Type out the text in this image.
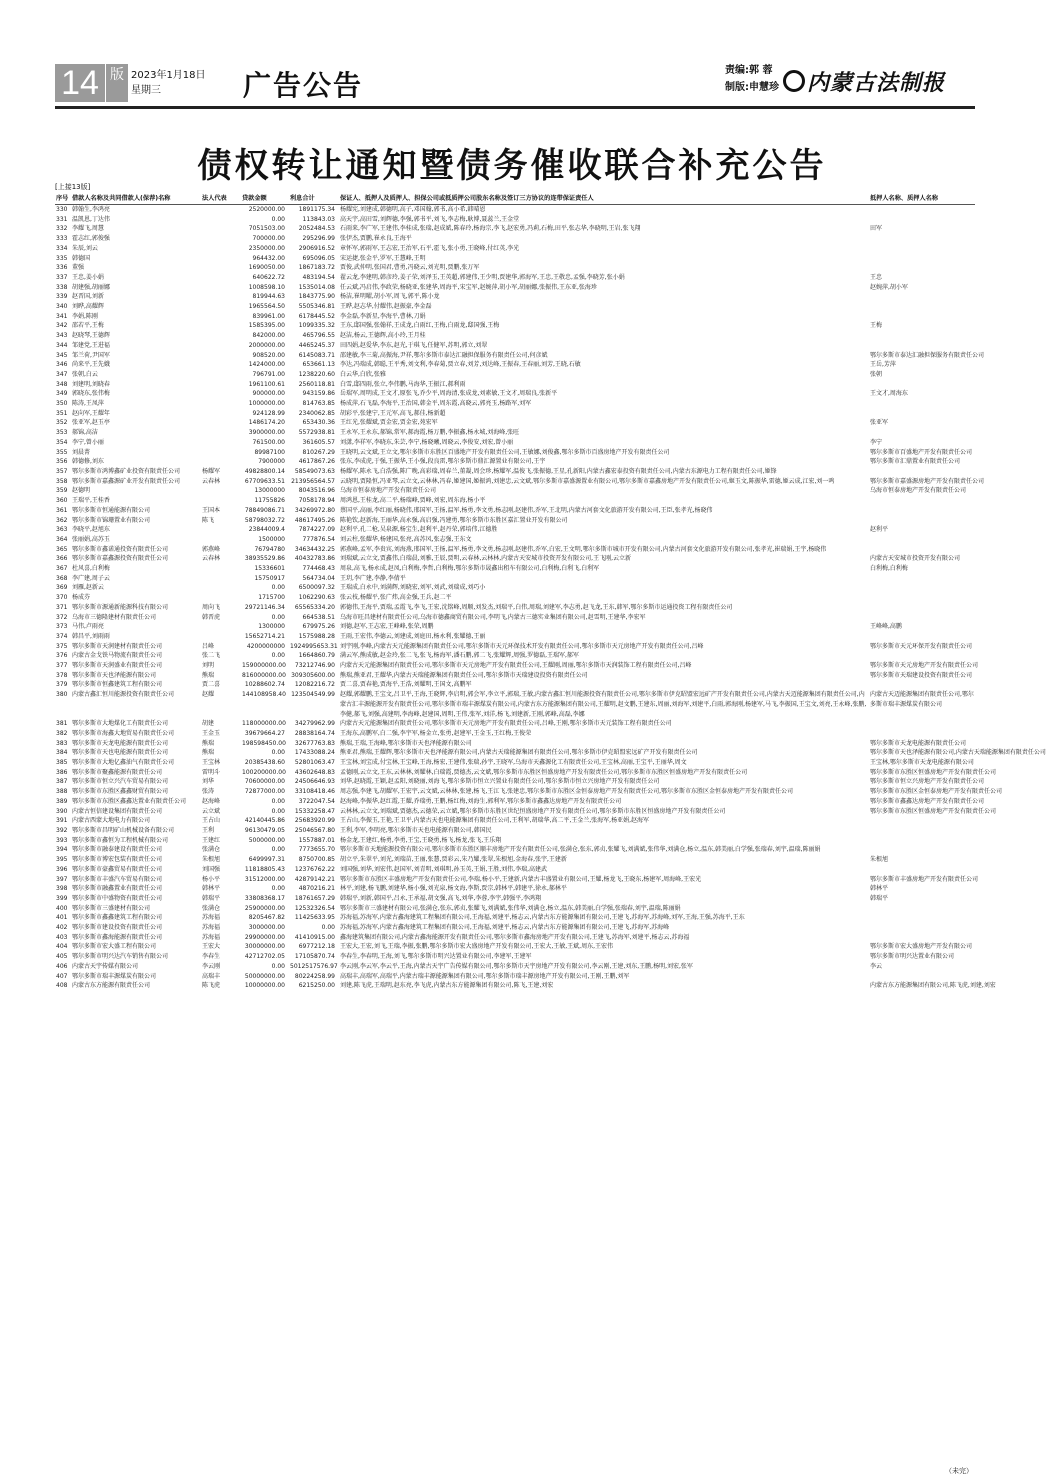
14 版 2023年1月18日
星期三	广告公告	责编:郭 蓉
制版:申慧珍 内蒙古法制报
债权转让通知暨债务催收联合补充公告
[上接13版]
序号	借款人名称及共同借款人(保荐)名称	法人代表	贷款金额	利息合计	保证人、抵押人及质押人、担保公司或抵质押公司股东名称及签订三方协议的连带保证责任人	抵押人名称、质押人名称
330	韩翰生,李鸿亮		2520000.00	1891175.34	杨耀宪,刘建成,韩德明,高子,邓国翰,郭书,高小希,韩晴恩	
331	温凯恩,丁达伟		0.00	113843.03	高天宇,高田雪,刘辉德,李强,郭书平,刘飞,李志梅,耿博,聂蕊兰,王金堂	
332	李耀飞,周慧		7051503.00	2052484.53	石雨来,李广军,王建伟,李桂成,张瑞,赵成斌,陈春玲,杨海宗,李飞,赵宏勇,冯莉,石梅,田平,张志华,李晓明,王岩,张飞翔	田军
333	霍志红,郭俊强		700000.00	295296.99	张伊杰,贾鹏,崔永良,王海平	
334	朱辰,刘云		2350000.00	2906916.52	章怀军,郭雨军,王志宏,王治军,石平,霍飞,张小勇,王晓峰,付红英,李光	
335	韩德国		964432.00	695096.05	宋运捷,张金平,罗军,王慧峰,王明	
336	董强		1690050.00	1867183.72	贾俊,武仲明,张国君,曹勇,冯晓云,刘光明,贾鹏,张万军	
337	王忠,姜小娟		640622.72	483194.54	翟云龙,李建明,韩彦玲,姜子荣,刘泽玉,王英超,郭建伟,王少明,贾建华,郭海军,王忠,王敬忠,孟强,李晓芳,张小娟	王忠
338	胡建强,胡丽娜		1008598.10	1535014.08	任云斌,冯启伟,李政荣,杨晓亚,张建华,周海平,宋宝军,赵婉萍,胡小军,胡丽娜,张振伟,王东亚,张海珍	赵婉萍,胡小军
339	赵晋国,刘新		819944.63	1843775.90	杨洁,崔明曜,胡小军,周飞,郭平,陈小龙	
340	刘晔,高耀辉		1965564.50	5505346.81	王晔,赵志华,付耀伟,赵振豪,李金磊	
341	李娟,陈刚		839961.00	6178445.52	李金磊,李新星,李海平,曹林,刀娟	
342	邵若平,王梅		1585395.00	1099335.32	王东,邸国强,张翰祥,王成龙,白雨红,王梅,白雨龙,邸国强,王梅	王梅
343	赵晓琴,王德辉		842000.00	465796.55	赵洁,杨云,王德辉,高小玲,王月桂	
344	邹建党,王进福		2000000.00	4465245.37	田四娟,赵爱华,李东,赵光,于琪飞,任健军,苏明,郭立,刘翠	
345	邹兰荷,尹国军		908520.00	6145083.71	邵建敏,李三菊,高振海,尹祥,鄂尔多斯市泰达汇融担保服务有限责任公司,何彦斌	鄂尔多斯市泰达汇融担保服务有限责任公司
346	尚来平,王先娥		1424000.00	653661.13	李达,冯瑞成,韩聪,王平秀,刘文利,李春菊,贾立春,刘芳,刘达峰,王振春,王春丽,刘芳,王晓,石敏	王岳,芳萍
347	张朝,白云		796791.00	1238220.60	白云华,白欣,张雅	张朝
348	刘建明,刘晓春		1961100.61	2560118.81	白雪,邸四雨,张立,李伟鹏,马海华,王振江,郝利雨	
349	郭晓东,张伟梅		900000.00	943159.86	岳瑞军,周明成,王文才,原张飞,乔少平,周海清,张成龙,刘素敏,王文才,周瑞良,张新平	王文才,周海东
350	陈涛,王凤萍		1000000.00	814763.85	杨成萍,石飞磊,李海平,王治国,韩金平,周东霞,高晓云,郭亮玉,杨路军,刘军	
351	赵向军,王耀年		924128.99	2340062.85	胡彩平,张建宁,王元军,高飞,郝佳,杨新超	
352	张亚军,赵玉亭		1486174.20	653430.36	王红光,张耀斌,贾金宏,贾金宏,苑宏军	张亚军
353	郝锦,高洁		3900000.00	5572938.81	王永军,王永东,郝锦,常军,郝海霞,杨万鹏,李振鑫,杨永城,刘海峰,张旺	
354	李宁,曾小丽		761500.00	361605.57	刘潇,李祥军,李晓东,朱芸,李宁,杨晓曦,周晓云,李俊安,刘宏,曾小丽	李宁
355	刘晨菁		89987100	810267.29	王晓明,云文斌,王立文,鄂尔多斯市东胜区百盛地产开发有限责任公司,王敏娜,刘俊鑫,鄂尔多斯市百盛房地产开发有限责任公司	鄂尔多斯市百盛地产开发有限责任公司
356	韩德修,刘东		7900000	4617867.26	张东,李成虎,于强,王振华,王小强,段良雷,鄂尔多斯市鼎汇源置业有限公司,王宇	鄂尔多斯市汇鼎置业有限责任公司
357	鄂尔多斯市鸿博鑫矿业投资有限责任公司	杨耀军	49828800.14	58549073.63	杨耀军,陈永飞,白浩强,陈广晚,高彩瑞,周春兰,董凝,周会珍,杨耀军,温俊飞,张振德,王星,孔新阳,内蒙古鑫宏泰投资有限责任公司,内蒙古东源电力工程有限责任公司,姬锋	
358	鄂尔多斯市嘉鑫源矿业开发有限责任公司	云春林	67709633.51	213956564.57	云晓明,贾隆恒,冯亚琴,云立文,云林林,冯春,姬建国,姬振鸿,刘建忠,云文斌,鄂尔多斯市嘉盛源置业有限公司,鄂尔多斯市嘉鑫房地产开发有限责任公司,姬玉文,陈振华,雷德,姬云成,江宏,刘一鸣	鄂尔多斯市嘉盛源房地产开发有限责任公司
359	赵德明		13000000	8043516.96	乌海市恒泰房地产开发有限责任公司	乌海市恒泰房地产开发有限责任公司
360	王瑞平,王桂香		11755826	7058178.94	周鸿恩,王桂龙,高二平,杨瑞峰,贾峰,刘宏,周东海,杨小平	
361	鄂尔多斯市恒通能源有限公司	王国本	78849086.71	34269972.80	蔡国平,高丽,李红丽,杨晓伟,邢国军,王扬,温军,杨勇,李文勇,杨志刚,赵建伟,乔军,王北明,内蒙古河套文化旅游开发有限公司,王臣,张孝光,杨晓伟	
362	鄂尔多斯市锦珊置业有限公司	陈飞	58798032.72	48617495.26	陈艳钦,赵新海,王丽华,高永强,高启强,冯建勇,鄂尔多斯市东胜区嘉汇置业开发有限公司	
363	李晓平,赵旭东		23844009.4	7874227.09	赵利平,孔二枪,吴泉源,杨宝生,赵利平,赵丹荣,郭培伟,江德胜	赵利平
364	张丽娟,高苏玉		1500000	777876.54	刘云柱,张耀华,杨建国,张亮,高苏风,张志强,王东文	
365	鄂尔多斯市鑫诺通投资有限责任公司	郭燕峰	76794780	34634432.25	郭燕峰,孟军,李贵宾,刘海燕,邢国军,王扬,温军,杨勇,李文勇,杨志刚,赵建伟,乔军,白宏,王文明,鄂尔多斯市城市开发有限公司,内蒙古河套文化旅游开发有限公司,张孝光,崔瑞娟,王宇,杨晓伟	
366	鄂尔多斯市嘉鑫源投资有限责任公司	云春林	38935529.86	40432783.86	刘瑞斌,云立文,贾鑫伟,白瑞晨,刘雅,王辰,贾明,云春林,云林林,内蒙古天安城市投资开发有限公司,王飞刚,云立新	内蒙古天安城市投资开发有限公司
367	杜风喜,白利梅		15336601	774468.43	周泉,高飞,杨永成,赵凤,白利梅,李哲,白利梅,鄂尔多斯市晟鑫出租车有限公司,白利梅,白利飞,白利军	白利梅,白利梅
368	李广建,周子云		15750917	564734.04	王玥,李广建,李静,李倩平	
369	刘雁,赵新云		0.00	6500097.32	王瑞成,白永中,刘满辉,刘晓宏,刘军,刘武,刘瑞成,刘巧小	
370	杨成芬		1715700	1062290.63	张云枝,杨耀平,张广炜,高金强,王兵,赵二平	
371	鄂尔多斯市源通新能源科技有限公司	周向飞	29721146.34	65565334.20	郭德伟,王海平,贾瑞,孟霞飞,李飞,王宏,沈铭峰,周顺,刘发杰,刘瑞平,白伟,周瑞,刘建军,李志勇,赵飞龙,王东,韩军,鄂尔多斯市运通投资工程有限责任公司	
372	乌海市三德隆建材有限责任公司	韩晋虎	0.00	664538.51	乌海市旺昌建材有限责任公司,乌海市德鑫商贸有限公司,李明飞,内蒙古三德实业集团有限公司,赵雪明,王建华,李宏军	
373	马伟,卢雨亮		1300000	679975.26	刘德,赵军,王志宏,王峰峰,张荣,周鹏	王峰峰,高鹏
374	韩昌平,刘雨雨		15652714.21	1575988.28	王雨,王宏伟,李德云,刘建成,刘庭田,杨永利,张耀德,王丽	
375	鄂尔多斯市天润建材有限责任公司	吕峰	4200000000	1924995653.31	刘宇刚,李峰,内蒙古天元能源集团有限责任公司,鄂尔多斯市天元环保技术开发有限责任公司,鄂尔多斯市天元房地产开发有限责任公司,吕峰	鄂尔多斯市天元环保开发有限责任公司
376	内蒙古金戈铁马物流有限责任公司	张二飞	0.00	1664860.79	满云军,熊成敏,赵金玲,张二飞,张飞,杨海军,潘石鹏,郭二飞,张耀辉,周强,罗德磊,王瑞军,郝军	
377	鄂尔多斯市天润盛业有限责任公司	刘明	159000000.00	73212746.90	内蒙古天元能源集团有限责任公司,鄂尔多斯市天元房地产开发有限责任公司,王耀刚,周丽,鄂尔多斯市天润装饰工程有限责任公司,吕峰	鄂尔多斯市天元房地产开发有限责任公司
378	鄂尔多斯市天也泽能源有限公司	熊瑞	816000000.00	309305600.00	熊瑞,熊亚君,王耀华,内蒙古天瑞能源集团有限责任公司,鄂尔多斯市天瑞建设投资有限责任公司	鄂尔多斯市天瑞建设投资有限责任公司
379	鄂尔多斯市恒鑫建筑工程有限公司	贾二喜	10288602.74	12082216.72	贾二喜,贾春艳,贾海平,王浩,刘耀明,王国文,高鹏军	
380	内蒙古鑫汇恒川能源投资有限责任公司	赵耀	144108958.40	123504549.99	赵耀,郭耀鹏,王宝文,吕卫平,王海,王晓辉,李启明,郭会军,李立平,郭瑞,王敏,内蒙古鑫汇恒川能源投资有限责任公司,鄂尔多斯市伊克昭盟宏远矿产开发有限责任公司,内蒙古天迈能源集团有限责任公司,内蒙古汇丰源能源开发有限责任公司,鄂尔多斯市瑞丰源煤炭有限公司,内蒙古东方能源集团有限公司,王耀明,赵文鹏,王建东,周丽,刘海军,刘建平,白雨,郭海刚,杨建军,马飞,李振国,王宝文,刘亮,王永峰,张鹏,李健,郝飞,刘强,高建明,李海峰,赵建国,周明,王伟,张军,刘洋,杨飞,刘建新,王刚,郭峰,高磊,李娜	内蒙古天迈能源集团有限责任公司,鄂尔多斯市瑞丰源煤炭有限公司
381	鄂尔多斯市大地煤化工有限责任公司	胡建	118000000.00	34279962.99	内蒙古天元能源集团有限责任公司,鄂尔多斯市天元房地产开发有限责任公司,吕峰,王刚,鄂尔多斯市天元装饰工程有限责任公司	
382	鄂尔多斯市海鑫大地贸易有限责任公司	王金玉	39679664.27	28838164.74	王海东,高鹏军,白二强,李宇军,杨金立,张勇,赵建军,王金玉,王红梅,王俊荣	
383	鄂尔多斯市天龙电能源有限责任公司	熊瑞	198598450.00	32677763.83	熊瑞,王瑞,王海峰,鄂尔多斯市天也泽能源有限公司	鄂尔多斯市天龙电能源有限责任公司
384	鄂尔多斯市天也电能源有限责任公司	熊瑞	0.00	17433088.24	熊亚君,熊瑞,王耀辉,鄂尔多斯市天也泽能源有限公司,内蒙古天瑞能源集团有限责任公司,鄂尔多斯市伊克昭盟宏远矿产开发有限责任公司	鄂尔多斯市天也泽能源有限公司,内蒙古天瑞能源集团有限责任公司
385	鄂尔多斯市大地亿鑫油气有限责任公司	王宝林	20385438.60	52801063.47	王宝林,刘宝成,付宝林,王宝峰,王海,杨宏,王建伟,张瑞,孙宇,王晓军,乌海市天鑫源化工有限责任公司,王宝林,高丽,王宝平,王丽华,周文	王宝林,鄂尔多斯市天龙电能源有限公司
386	鄂尔多斯市聚鑫能源有限责任公司	雷明斗	100200000.00	43602648.83	孟德刚,云立文,王东,云林林,刘耀林,白瑞霞,贾德杰,云文斌,鄂尔多斯市东胜区恒盛房地产开发有限责任公司,鄂尔多斯市东胜区恒盛房地产开发有限责任公司	鄂尔多斯市东胜区恒盛房地产开发有限责任公司
387	鄂尔多斯市恒立兴汽车贸易有限公司	刘华	70600000.00	24506646.93	刘华,赵晓霞,王颖,赵孟阳,刘晓丽,刘海飞,鄂尔多斯市恒立兴置业有限责任公司,鄂尔多斯市恒立兴房地产开发有限责任公司	鄂尔多斯市恒立兴房地产开发有限责任公司
388	鄂尔多斯市东胜区鑫鑫财贸有限公司	张涛	72877000.00	33108418.46	周志强,李建飞,胡耀军,王宏宇,云文斌,云林林,张建,杨飞,王江飞,张建忠,鄂尔多斯市东胜区金恒泰房地产开发有限责任公司,鄂尔多斯市东胜区金恒泰房地产开发有限责任公司	鄂尔多斯市东胜区金恒泰房地产开发有限责任公司
389	鄂尔多斯市东胜区鑫鑫达置业有限责任公司	赵海峰	0.00	3722047.54	赵海峰,李振华,赵红霞,王耀,乔瑞勇,王鹏,杨红梅,刘海生,郭利军,鄂尔多斯市鑫鑫达房地产开发有限责任公司	鄂尔多斯市鑫鑫达房地产开发有限责任公司
390	内蒙古恒信建设集团有限责任公司	云立斌	0.00	15332258.47	云林林,云立文,刘瑞斌,贾德杰,云德荣,云立斌,鄂尔多斯市东胜区世纪恒盛房地产开发有限责任公司,鄂尔多斯市东胜区恒盛房地产开发有限责任公司	鄂尔多斯市东胜区恒盛房地产开发有限责任公司
391	内蒙古西蒙大地电力有限公司	王占山	42140445.86	25683920.99	王占山,李振玉,王艳,王卫平,内蒙古天也电能源集团有限责任公司,王利军,胡瑞华,高二平,王金兰,张海军,杨亚娟,赵海军	
392	鄂尔多斯市昌明矿山机械设备有限公司	王利	96130479.05	25046567.80	王利,李军,李明亮,鄂尔多斯市天也电能源有限公司,韩国民	
393	鄂尔多斯市鑫恒为工程机械有限公司	王建红	5000000.00	1557887.01	杨金龙,王建红,杨勇,李勇,王宝,王晓勇,杨飞,杨龙,张飞,王乐翔	
394	鄂尔多斯市融泰建设有限责任公司	张满仓	0.00	7773655.70	鄂尔多斯市天地能源投资有限公司,鄂尔多斯市东胜区顺丰房地产开发有限责任公司,张满仓,张东,郭贞,张耀飞,刘满斌,张伟华,刘满仓,杨立,温东,韩美丽,白学强,张瑞春,刘宇,温瑞,陈丽娟	
395	鄂尔多斯市博宏包装有限责任公司	朱根旭	6499997.31	8750700.85	胡立平,朱翠平,刘光,刘瑞苗,王丽,张慧,贾彩云,朱乃耀,张翠,朱根旭,金海春,张宇,王建新	朱根旭
396	鄂尔多斯市豪鑫贸易有限责任公司	刘国强	11818805.43	12376762.22	刘国强,刘华,刘宏伟,赵国军,刘青明,刘琪明,孙玉英,王娟,王胜,刘伟,李瑞,高建武	
397	鄂尔多斯市丰盛汽车贸易有限公司	杨小平	31512000.00	42879142.21	鄂尔多斯市东胜区丰盛房地产开发有限责任公司,李瑞,杨小平,王建新,内蒙古丰盛置业有限公司,王耀,杨龙飞,王晓东,杨建军,周海峰,王宏光	鄂尔多斯市丰盛房地产开发有限责任公司
398	鄂尔多斯市融鑫置业有限责任公司	韩林平	0.00	4870216.21	林平,刘建,杨飞鹏,刘建华,杨小强,刘光泉,杨文海,李斯,贾宗,韩林平,韩建平,徐永,郝林平	韩林平
399	鄂尔多斯市中盛物资有限责任公司	韩瑞平	33808368.17	18761657.29	韩瑞平,刘新,韩国平,吕永,王承福,胡文强,高飞,刘华,李蓉,李宇,韩强平,李鸿翔	韩瑞平
400	鄂尔多斯市三盛建材有限公司	张满仓	25900000.00	12532326.54	鄂尔多斯市三盛建材有限公司,张满仓,张东,郭贞,张耀飞,刘满斌,张伟华,刘满仓,杨立,温东,韩美丽,白学强,张瑞春,刘宇,温瑞,陈丽娟	
401	鄂尔多斯市鑫鑫建筑工程有限公司	苏海福	8205467.82	11425633.95	苏海福,苏海军,内蒙古鑫海建筑工程集团有限公司,王海福,刘建平,杨志云,内蒙古东方能源集团有限公司,王建飞,苏海军,苏海峰,刘军,王海,王强,苏海平,王东	
402	鄂尔多斯市建设投资有限责任公司	苏海福	3000000.00	0.00	苏海福,苏海军,内蒙古鑫海建筑工程集团有限公司,王海福,刘建平,杨志云,内蒙古东方能源集团有限公司,王建飞,苏海军,苏海峰	
403	鄂尔多斯市鑫海能源有限责任公司	苏海福	29900000.00	41410915.00	鑫海建筑集团有限公司,内蒙古鑫海能源开发有限责任公司,鄂尔多斯市鑫海房地产开发有限公司,王建飞,苏海军,刘建平,杨志云,苏海福	
404	鄂尔多斯市宏大盛工程有限公司	王宏大	30000000.00	6977212.18	王宏大,王宏,刘飞,王瑞,李振,张鹏,鄂尔多斯市宏大盛房地产开发有限公司,王宏大,王敏,王斌,周东,王宏伟	鄂尔多斯市宏大盛房地产开发有限公司
405	鄂尔多斯市明兴达汽车销售有限公司	李春生	42712702.05	17105870.74	李春生,李春明,王海,刘飞,鄂尔多斯市明兴达置业有限公司,李建军,王建军	鄂尔多斯市明兴达置业有限公司
406	内蒙古天宇传媒有限公司	李云刚	0.00	5012517576.97	李云刚,李云军,李云平,王海,内蒙古天宇广告传媒有限公司,鄂尔多斯市天宇房地产开发有限公司,李云刚,王建,刘东,王鹏,杨明,刘宏,张军	李云
407	鄂尔多斯市瑞丰源煤炭有限公司	高瑞丰	50000000.00	80224258.99	高瑞丰,高瑞军,高瑞平,内蒙古瑞丰源能源集团有限公司,鄂尔多斯市瑞丰源房地产开发有限公司,王刚,王鹏,刘军	
408	内蒙古东方能源有限责任公司	陈飞虎	10000000.00	6215250.00	刘建,陈飞虎,王瑞明,赵东亮,李飞虎,内蒙古东方能源集团有限公司,陈飞,王建,刘宏	内蒙古东方能源集团有限公司,陈飞虎,刘建,刘宏
（未完）
